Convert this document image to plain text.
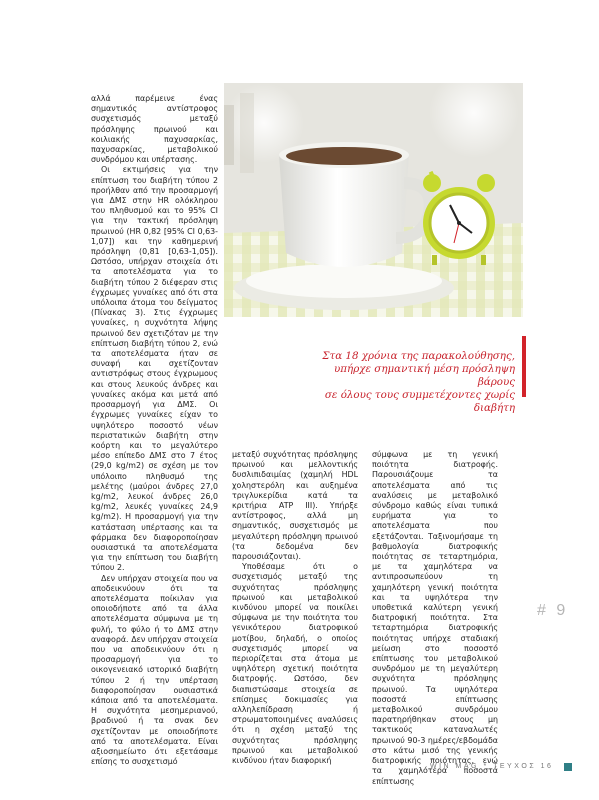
αλλά παρέμεινε ένας σημαντικός αντίστροφος συσχετισμός μεταξύ πρόσληψης πρωινού και κοιλιακής παχυσαρκίας, παχυσαρκίας, μεταβολικού συνδρόμου και υπέρτασης.

Οι εκτιμήσεις για την επίπτωση του διαβήτη τύπου 2 προήλθαν από την προσαρμογή για ΔΜΣ στην HR ολόκληρου του πληθυσμού και το 95% CI για την τακτική πρόσληψη πρωινού (HR 0,82 [95% CI 0,63-1,07]) και την καθημερινή πρόσληψη (0,81 [0,63-1,05]). Ωστόσο, υπήρχαν στοιχεία ότι τα αποτελέσματα για το διαβήτη τύπου 2 διέφεραν στις έγχρωμες γυναίκες από ότι στα υπόλοιπα άτομα του δείγματος (Πίνακας 3). Στις έγχρωμες γυναίκες, η συχνότητα λήψης πρωινού δεν σχετιζόταν με την επίπτωση διαβήτη τύπου 2, ενώ τα αποτελέσματα ήταν σε συναφή και σχετίζονταν αντιστρόφως στους έγχρωμους και στους λευκούς άνδρες και γυναίκες ακόμα και μετά από προσαρμογή για ΔΜΣ. Οι έγχρωμες γυναίκες είχαν το υψηλότερο ποσοστό νέων περιστατικών διαβήτη στην κοόρτη και το μεγαλύτερο μέσο επίπεδο ΔΜΣ στο 7 έτος (29,0 kg/m2) σε σχέση με τον υπόλοιπο πληθυσμό της μελέτης (μαύροι άνδρες 27,0 kg/m2, λευκοί άνδρες 26,0 kg/m2, λευκές γυναίκες 24,9 kg/m2). Η προσαρμογή για την κατάσταση υπέρτασης και τα φάρμακα δεν διαφοροποίησαν ουσιαστικά τα αποτελέσματα για την επίπτωση του διαβήτη τύπου 2.

Δεν υπήρχαν στοιχεία που να αποδεικνύουν ότι τα αποτελέσματα ποίκιλαν για οποιοδήποτε από τα άλλα αποτελέσματα σύμφωνα με τη φυλή, το φύλο ή το ΔΜΣ στην αναφορά. Δεν υπήρχαν στοιχεία που να αποδεικνύουν ότι η προσαρμογή για το οικογενειακό ιστορικό διαβήτη τύπου 2 ή την υπέρταση διαφοροποίησαν ουσιαστικά κάποια από τα αποτελέσματα. Η συχνότητα μεσημεριανού, βραδινού ή τα σνακ δεν σχετίζονταν με οποιοδήποτε από τα αποτελέσματα. Είναι αξιοσημείωτο ότι εξετάσαμε επίσης το συσχετισμό

Στα 18 χρόνια της παρακολούθησης,
υπήρχε σημαντική μέση πρόσληψη βάρους
σε όλους τους συμμετέχοντες χωρίς διαβήτη

μεταξύ συχνότητας πρόσληψης πρωινού και μελλοντικής δυσλιπιδαιμίας (χαμηλή HDL χοληστερόλη και αυξημένα τριγλυκερίδια κατά τα κριτήρια ATP III). Υπήρξε αντίστροφος, αλλά μη σημαντικός, συσχετισμός με μεγαλύτερη πρόσληψη πρωινού (τα δεδομένα δεν παρουσιάζονται).

Υποθέσαμε ότι ο συσχετισμός μεταξύ της συχνότητας πρόσληψης πρωινού και μεταβολικού κινδύνου μπορεί να ποικίλει σύμφωνα με την ποιότητα του γενικότερου διατροφικού μοτίβου, δηλαδή, ο οποίος συσχετισμός μπορεί να περιορίζεται στα άτομα με υψηλότερη σχετική ποιότητα διατροφής. Ωστόσο, δεν διαπιστώσαμε στοιχεία σε επίσημες δοκιμασίες για αλληλεπίδραση ή στρωματοποιημένες αναλύσεις ότι η σχέση μεταξύ της συχνότητας πρόσληψης πρωινού και μεταβολικού κινδύνου ήταν διαφορική

σύμφωνα με τη γενική ποιότητα διατροφής. Παρουσιάζουμε τα αποτελέσματα από τις αναλύσεις με μεταβολικό σύνδρομο καθώς είναι τυπικά ευρήματα για το αποτελέσματα που εξετάζονται. Ταξινομήσαμε τη βαθμολογία διατροφικής ποιότητας σε τεταρτημόρια, με τα χαμηλότερα να αντιπροσωπεύουν τη χαμηλότερη γενική ποιότητα και τα υψηλότερα την υποθετικά καλύτερη γενική διατροφική ποιότητα. Στα τεταρτημόρια διατροφικής ποιότητας υπήρχε σταδιακή μείωση στο ποσοστό επίπτωσης του μεταβολικού συνδρόμου με τη μεγαλύτερη συχνότητα πρόσληψης πρωινού. Τα υψηλότερα ποσοστά επίπτωσης μεταβολικού συνδρόμου παρατηρήθηκαν στους μη τακτικούς καταναλωτές πρωινού 90-3 ημέρες/εβδομάδα στο κάτω μισό της γενικής διατροφικής ποιότητας, ενώ τα χαμηλότερα ποσοστά επίπτωσης

# 9
WIN MAG * ΤΕΥΧΟΣ 16
